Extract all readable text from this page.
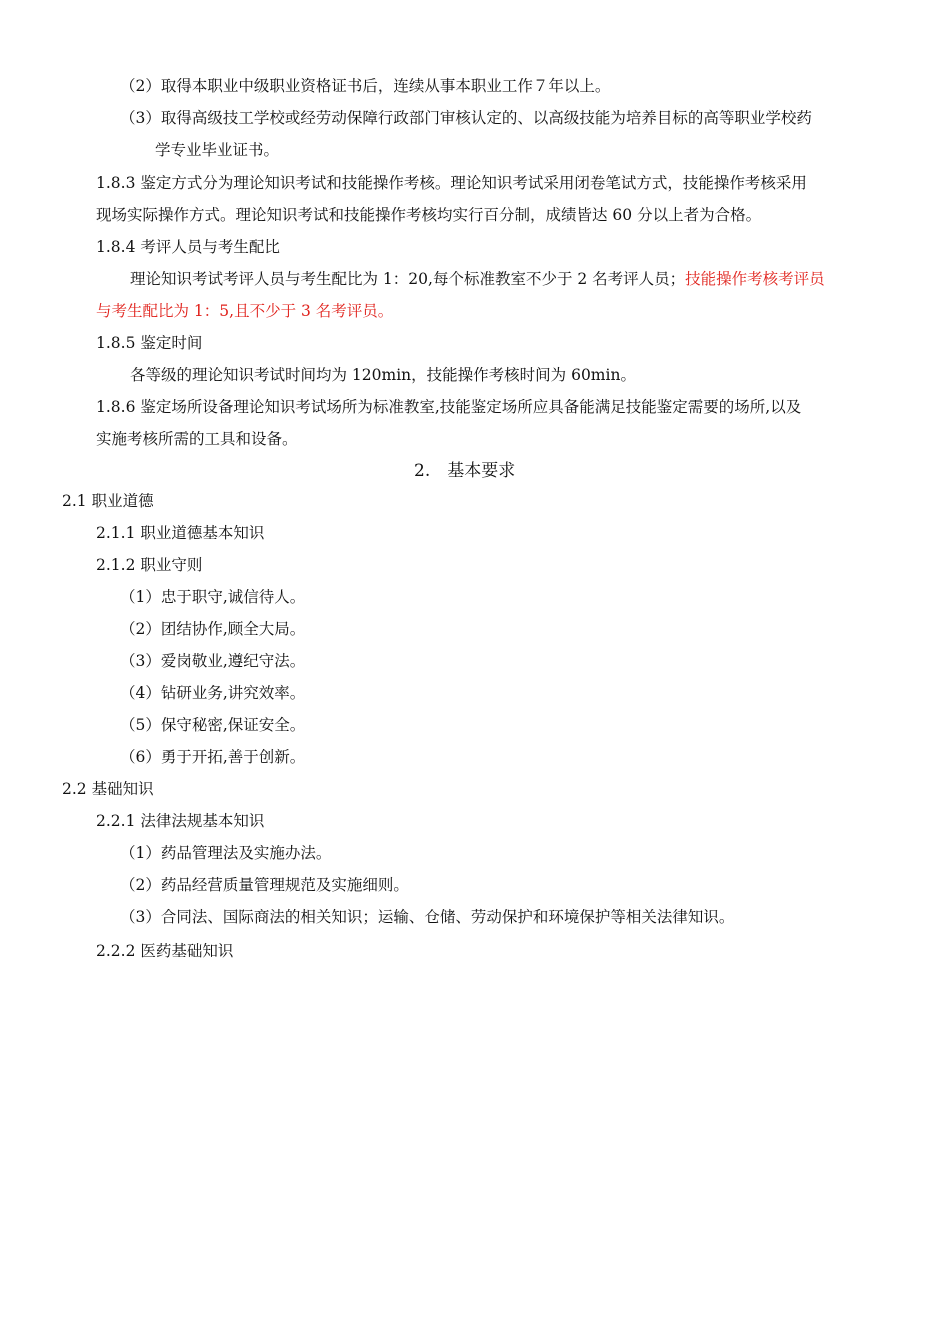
（2）取得本职业中级职业资格证书后，连续从事本职业工作７年以上。
（3）取得高级技工学校或经劳动保障行政部门审核认定的、以高级技能为培养目标的高等职业学校药
学专业毕业证书。
1.8.3 鉴定方式分为理论知识考试和技能操作考核。理论知识考试采用闭卷笔试方式，技能操作考核采用
现场实际操作方式。理论知识考试和技能操作考核均实行百分制，成绩皆达 60 分以上者为合格。
1.8.4 考评人员与考生配比
理论知识考试考评人员与考生配比为 1：20,每个标准教室不少于 2 名考评人员；技能操作考核考评员
与考生配比为 1：5,且不少于 3 名考评员。
1.8.5 鉴定时间
各等级的理论知识考试时间均为 120min，技能操作考核时间为 60min。
1.8.6 鉴定场所设备理论知识考试场所为标准教室,技能鉴定场所应具备能满足技能鉴定需要的场所,以及
实施考核所需的工具和设备。
2.　基本要求
2.1 职业道德
2.1.1 职业道德基本知识
2.1.2 职业守则
（1）忠于职守,诚信待人。
（2）团结协作,顾全大局。
（3）爱岗敬业,遵纪守法。
（4）钻研业务,讲究效率。
（5）保守秘密,保证安全。
（6）勇于开拓,善于创新。
2.2 基础知识
2.2.1 法律法规基本知识
（1）药品管理法及实施办法。
（2）药品经营质量管理规范及实施细则。
（3）合同法、国际商法的相关知识；运输、仓储、劳动保护和环境保护等相关法律知识。
2.2.2 医药基础知识
